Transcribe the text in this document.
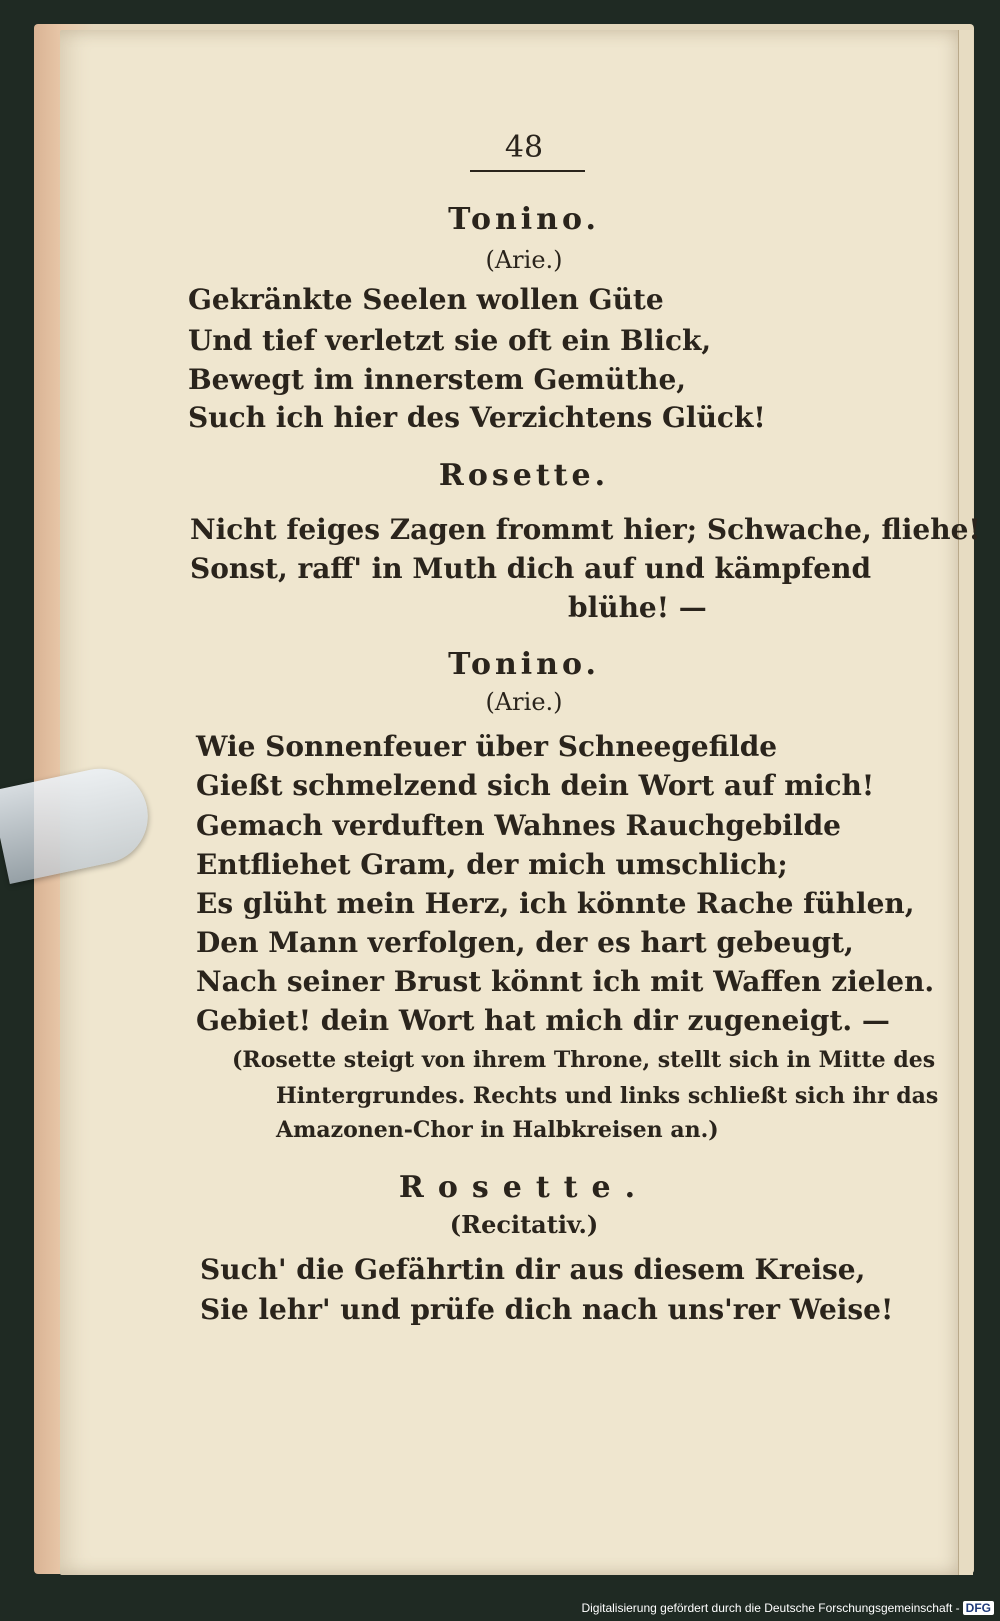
48
Tonino.
(Arie.)
Gekränkte Seelen wollen Güte
Und tief verletzt sie oft ein Blick,
Bewegt im innerstem Gemüthe,
Such ich hier des Verzichtens Glück!
Rosette.
Nicht feiges Zagen frommt hier; Schwache, fliehe!
Sonst, raff' in Muth dich auf und kämpfend
blühe! —
Tonino.
(Arie.)
Wie Sonnenfeuer über Schneegefilde
Gießt schmelzend sich dein Wort auf mich!
Gemach verduften Wahnes Rauchgebilde
Entfliehet Gram, der mich umschlich;
Es glüht mein Herz, ich könnte Rache fühlen,
Den Mann verfolgen, der es hart gebeugt,
Nach seiner Brust könnt ich mit Waffen zielen.
Gebiet! dein Wort hat mich dir zugeneigt. —
(Rosette steigt von ihrem Throne, stellt sich in Mitte des
Hintergrundes. Rechts und links schließt sich ihr das
Amazonen-Chor in Halbkreisen an.)
Rosette.
(Recitativ.)
Such' die Gefährtin dir aus diesem Kreise,
Sie lehr' und prüfe dich nach uns'rer Weise!
Digitalisierung gefördert durch die Deutsche Forschungsgemeinschaft - DFG
